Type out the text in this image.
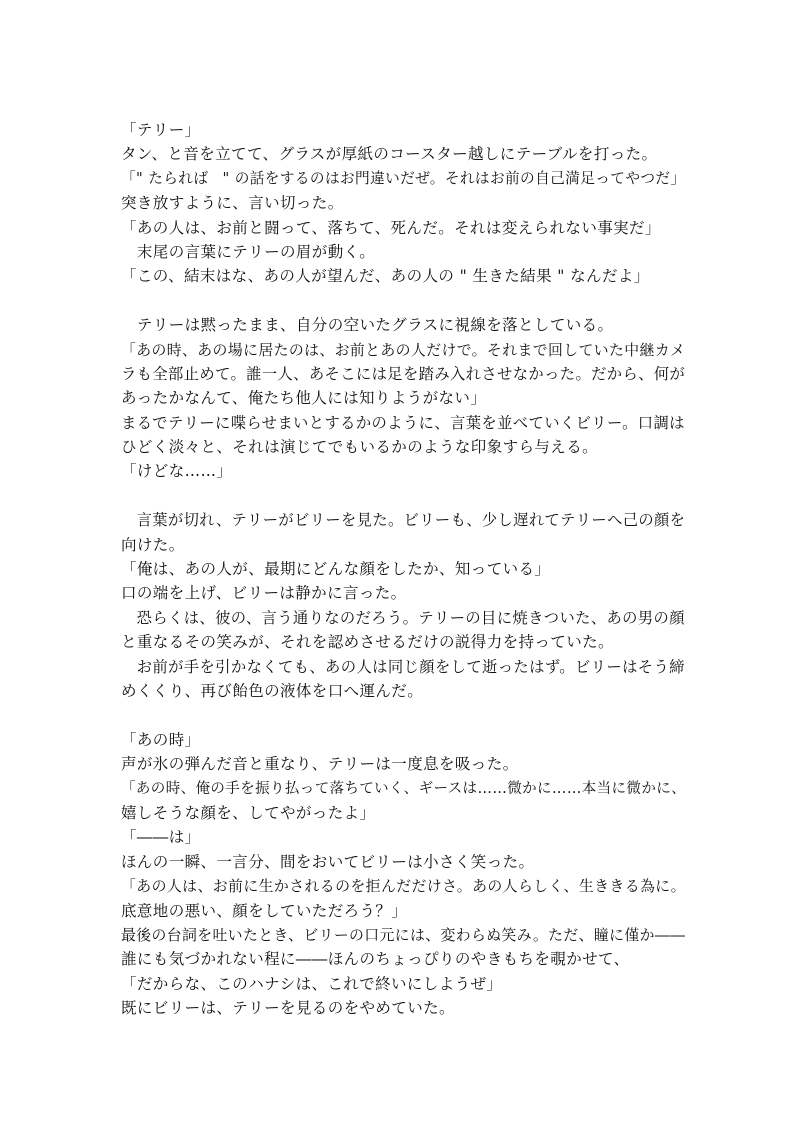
「テリー」
タン、と音を立てて、グラスが厚紙のコースター越しにテーブルを打った。
「" たらればﾠ" の話をするのはお門違いだぜ。それはお前の自己満足ってやつだ」
突き放すように、言い切った。
「あの人は、お前と闘って、落ちて、死んだ。それは変えられない事実だ」
　末尾の言葉にテリーの眉が動く。
「この、結末はな、あの人が望んだ、あの人の " 生きた結果 " なんだよ」
　テリーは黙ったまま、自分の空いたグラスに視線を落としている。
「あの時、あの場に居たのは、お前とあの人だけで。それまで回していた中継カメ
ラも全部止めて。誰一人、あそこには足を踏み入れさせなかった。だから、何が
あったかなんて、俺たち他人には知りようがない」
まるでテリーに喋らせまいとするかのように、言葉を並べていくビリー。口調は
ひどく淡々と、それは演じてでもいるかのような印象すら与える。
「けどな……」
　言葉が切れ、テリーがビリーを見た。ビリーも、少し遅れてテリーへ己の顔を
向けた。
「俺は、あの人が、最期にどんな顔をしたか、知っている」
口の端を上げ、ビリーは静かに言った。
　恐らくは、彼の、言う通りなのだろう。テリーの目に焼きついた、あの男の顔
と重なるその笑みが、それを認めさせるだけの説得力を持っていた。
　お前が手を引かなくても、あの人は同じ顔をして逝ったはず。ビリーはそう締
めくくり、再び飴色の液体を口へ運んだ。
「あの時」
声が氷の弾んだ音と重なり、テリーは一度息を吸った。
「あの時、俺の手を振り払って落ちていく、ギースは……微かに……本当に微かに、
嬉しそうな顔を、してやがったよ」
「――は」
ほんの一瞬、一言分、間をおいてビリーは小さく笑った。
「あの人は、お前に生かされるのを拒んだだけさ。あの人らしく、生ききる為に。
底意地の悪い、顔をしていただろう？」
最後の台詞を吐いたとき、ビリーの口元には、変わらぬ笑み。ただ、瞳に僅か――
誰にも気づかれない程に――ほんのちょっぴりのやきもちを覗かせて、
「だからな、このハナシは、これで終いにしようぜ」
既にビリーは、テリーを見るのをやめていた。
